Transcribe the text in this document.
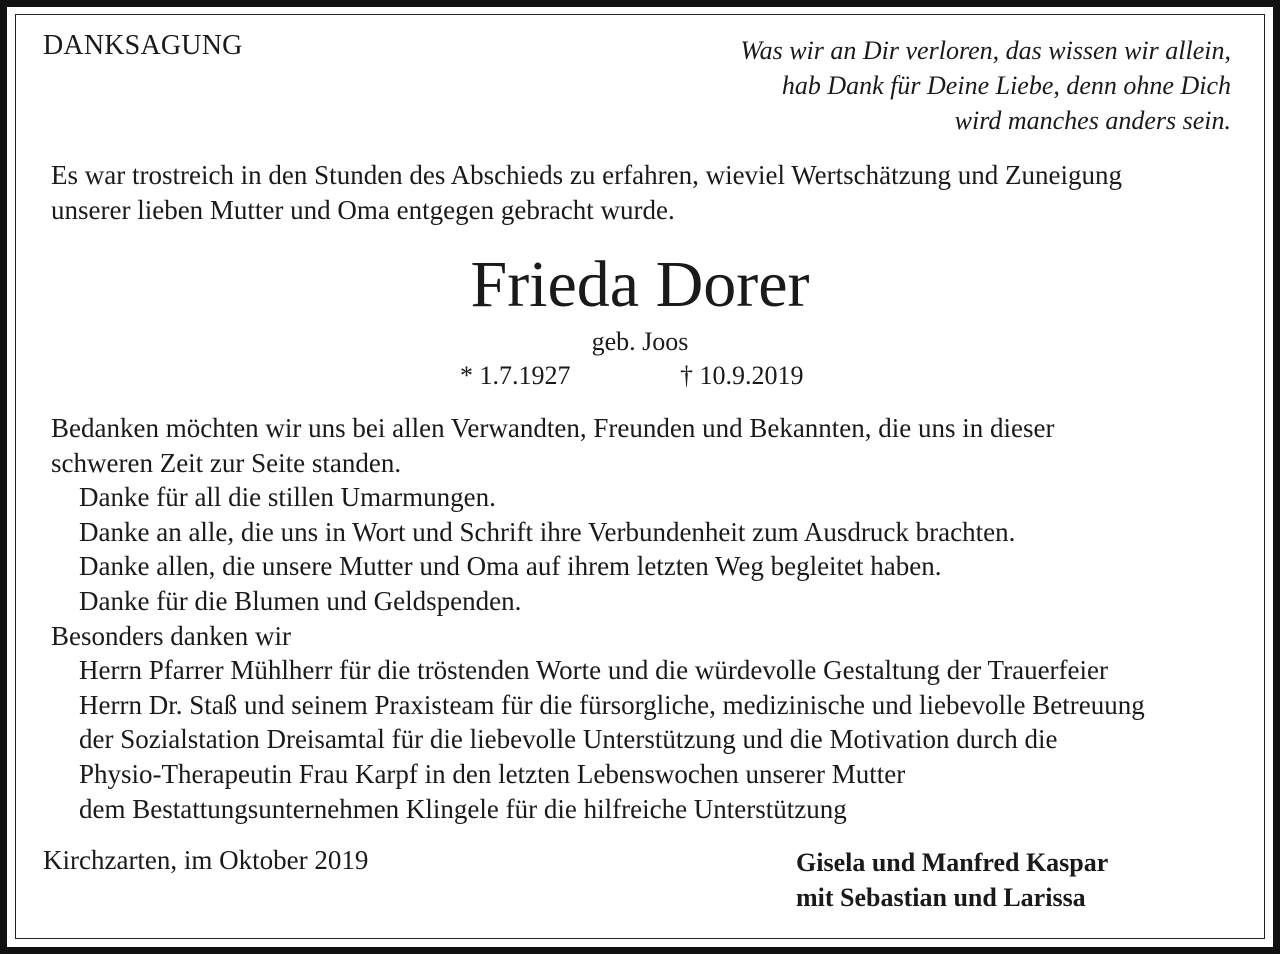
DANKSAGUNG	Was wir an Dir verloren, das wissen wir allein,
hab Dank für Deine Liebe, denn ohne Dich
wird manches anders sein.
Es war trostreich in den Stunden des Abschieds zu erfahren, wieviel Wertschätzung und Zuneigung
unserer lieben Mutter und Oma entgegen gebracht wurde.
Frieda Dorer
geb. Joos
* 1.7.1927	† 10.9.2019
Bedanken möchten wir uns bei allen Verwandten, Freunden und Bekannten, die uns in dieser
schweren Zeit zur Seite standen.
Danke für all die stillen Umarmungen.
Danke an alle, die uns in Wort und Schrift ihre Verbundenheit zum Ausdruck brachten.
Danke allen, die unsere Mutter und Oma auf ihrem letzten Weg begleitet haben.
Danke für die Blumen und Geldspenden.
Besonders danken wir
Herrn Pfarrer Mühlherr für die tröstenden Worte und die würdevolle Gestaltung der Trauerfeier
Herrn Dr. Staß und seinem Praxisteam für die fürsorgliche, medizinische und liebevolle Betreuung
der Sozialstation Dreisamtal für die liebevolle Unterstützung und die Motivation durch die
Physio-Therapeutin Frau Karpf in den letzten Lebenswochen unserer Mutter
dem Bestattungsunternehmen Klingele für die hilfreiche Unterstützung
Kirchzarten, im Oktober 2019	Gisela und Manfred Kaspar
mit Sebastian und Larissa
